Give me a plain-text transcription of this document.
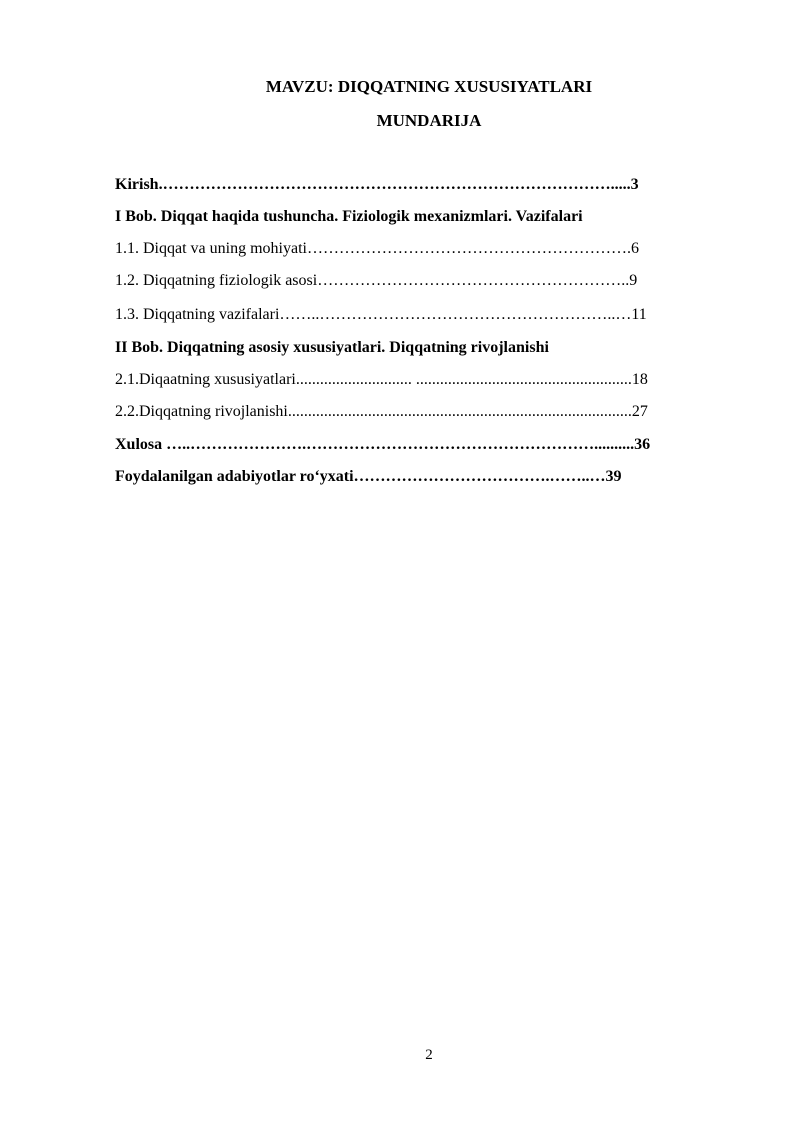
MAVZU: DIQQATNING XUSUSIYATLARI
MUNDARIJA
Kirish.………………………………………………………………………….....3
I Bob. Diqqat haqida tushuncha. Fiziologik mexanizmlari. Vazifalari
1.1. Diqqat va uning mohiyati…………………………………………………….6
1.2. Diqqatning fiziologik asosi…………………………………………………..9
1.3. Diqqatning vazifalari……..………………………………………………..…11
II Bob. Diqqatning asosiy xususiyatlari. Diqqatning rivojlanishi
2.1.Diqaatning xususiyatlari............................. ......................................................18
2.2.Diqqatning rivojlanishi......................................................................................27
Xulosa …..………………….………………………………………………..........36
Foydalanilgan adabiyotlar ro‘yxati……………………………….……..…39
2
